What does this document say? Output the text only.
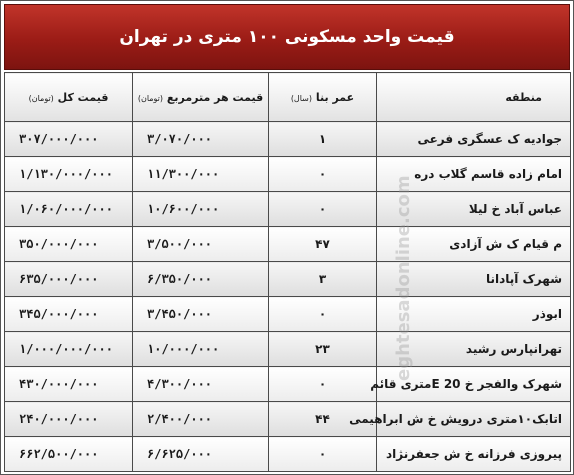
قیمت واحد مسکونی ۱۰۰ متری در تهران
منطقه	عمر بنا (سال)	قیمت هر مترمربع (تومان)	قیمت کل (تومان)
جوادیه ک عسگری فرعی	۱	۳/۰۷۰/۰۰۰	۳۰۷/۰۰۰/۰۰۰
امام زاده قاسم گلاب دره	۰	۱۱/۳۰۰/۰۰۰	۱/۱۳۰/۰۰۰/۰۰۰
عباس آباد خ لیلا	۰	۱۰/۶۰۰/۰۰۰	۱/۰۶۰/۰۰۰/۰۰۰
م قیام ک ش آزادی	۴۷	۳/۵۰۰/۰۰۰	۳۵۰/۰۰۰/۰۰۰
شهرک آپادانا	۳	۶/۳۵۰/۰۰۰	۶۳۵/۰۰۰/۰۰۰
ابوذر	۰	۳/۴۵۰/۰۰۰	۳۴۵/۰۰۰/۰۰۰
تهرانپارس رشید	۲۳	۱۰/۰۰۰/۰۰۰	۱/۰۰۰/۰۰۰/۰۰۰
شهرک والفجر خ E 20متری قائم	۰	۴/۳۰۰/۰۰۰	۴۳۰/۰۰۰/۰۰۰
اتابک۱۰متری درویش خ ش ابراهیمی	۴۴	۲/۴۰۰/۰۰۰	۲۴۰/۰۰۰/۰۰۰
پیروزی فرزانه خ ش جعفرنژاد	۰	۶/۶۲۵/۰۰۰	۶۶۲/۵۰۰/۰۰۰
eghtesadonline.com
